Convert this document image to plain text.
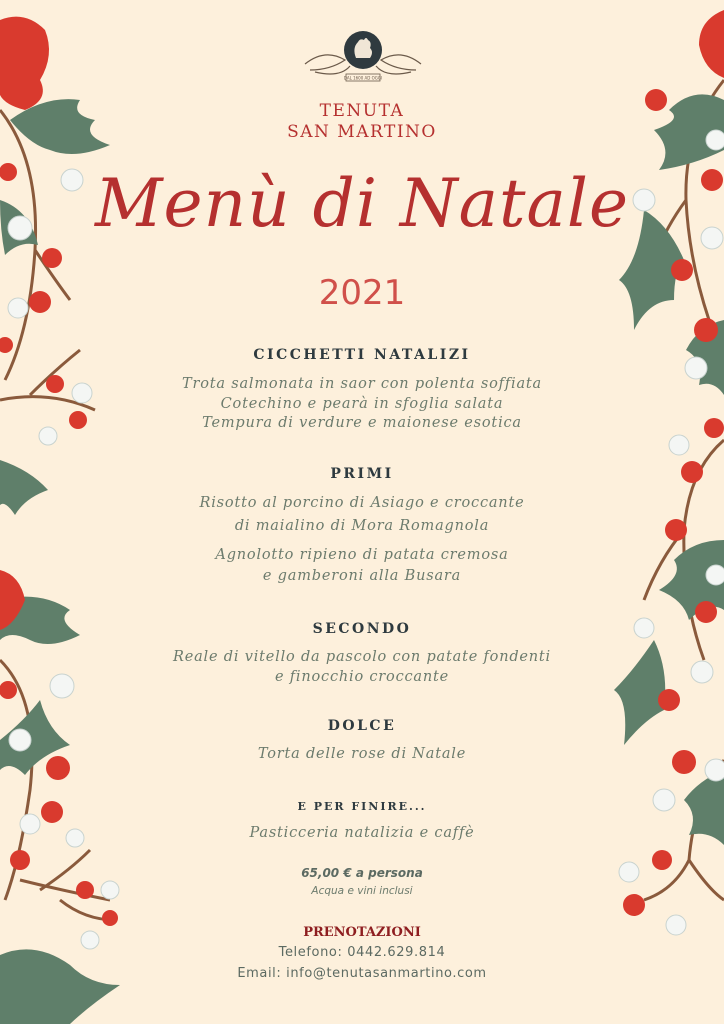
DAL 1600 AD OGGI
TENUTA
SAN MARTINO
Menù di Natale
2021
CICCHETTI NATALIZI
Trota salmonata in saor con polenta soffiata
Cotechino e pearà in sfoglia salata
Tempura di verdure e maionese esotica
PRIMI
Risotto al porcino di Asiago e croccante
di maialino di Mora Romagnola
Agnolotto ripieno di patata cremosa
e gamberoni alla Busara
SECONDO
Reale di vitello da pascolo con patate fondenti
e finocchio croccante
DOLCE
Torta delle rose di Natale
E PER FINIRE...
Pasticceria natalizia e caffè
65,00 € a persona
Acqua e vini inclusi
PRENOTAZIONI
Telefono: 0442.629.814
Email: info@tenutasanmartino.com
